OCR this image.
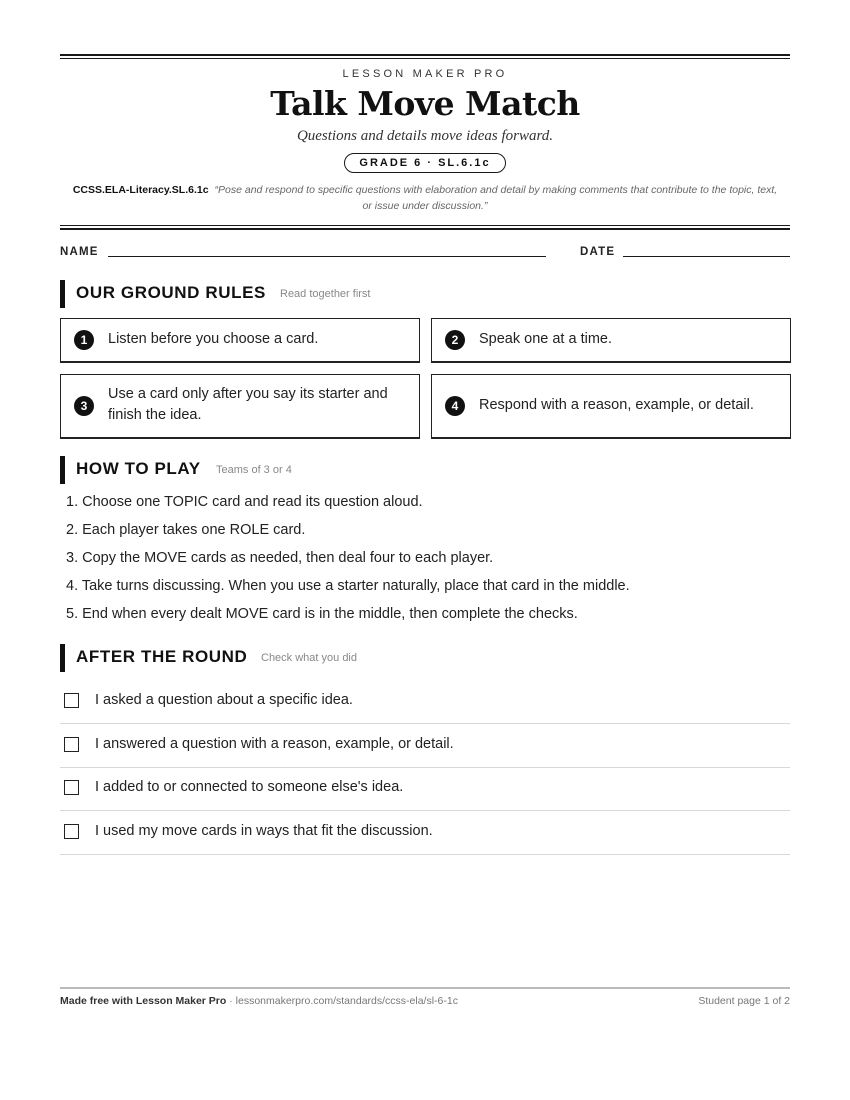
LESSON MAKER PRO
Talk Move Match
Questions and details move ideas forward.
GRADE 6 · SL.6.1c
CCSS.ELA-Literacy.SL.6.1c “Pose and respond to specific questions with elaboration and detail by making comments that contribute to the topic, text, or issue under discussion.”
NAME	DATE
OUR GROUND RULES Read together first
1	Listen before you choose a card.	2	Speak one at a time.
3
Use a card only after you say its starter and finish the idea.
4	Respond with a reason, example, or detail.
HOW TO PLAY Teams of 3 or 4
1. Choose one TOPIC card and read its question aloud.
2. Each player takes one ROLE card.
3. Copy the MOVE cards as needed, then deal four to each player.
4. Take turns discussing. When you use a starter naturally, place that card in the middle.
5. End when every dealt MOVE card is in the middle, then complete the checks.
AFTER THE ROUND Check what you did
I asked a question about a specific idea.
I answered a question with a reason, example, or detail.
I added to or connected to someone else's idea.
I used my move cards in ways that fit the discussion.
Made free with Lesson Maker Pro · lessonmakerpro.com/standards/ccss-ela/sl-6-1c	Student page 1 of 2
